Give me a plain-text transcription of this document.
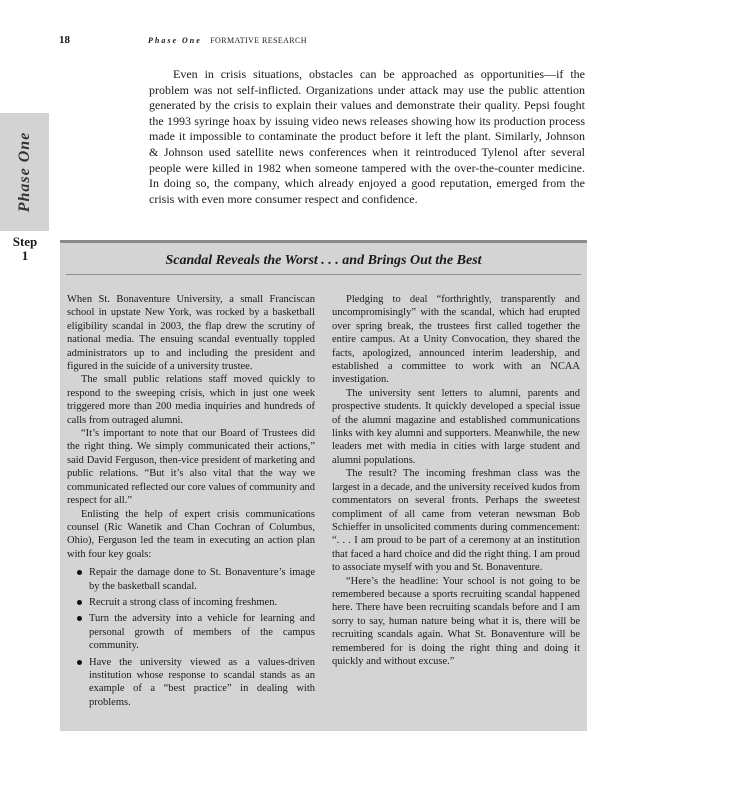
18	Phase One FORMATIVE RESEARCH
Phase One
Step
1

Even in crisis situations, obstacles can be approached as opportunities—if the problem was not self-inflicted. Organizations under attack may use the public attention generated by the crisis to explain their values and demonstrate their quality. Pepsi fought the 1993 syringe hoax by issuing video news releases showing how its production process made it impossible to contaminate the product before it left the plant. Similarly, Johnson & Johnson used satellite news conferences when it reintroduced Tylenol after several people were killed in 1982 when someone tampered with the over-the-counter medicine. In doing so, the company, which already enjoyed a good reputation, emerged from the crisis with even more consumer respect and confidence.

Scandal Reveals the Worst . . . and Brings Out the Best

When St. Bonaventure University, a small Franciscan school in upstate New York, was rocked by a basketball eligibility scandal in 2003, the flap drew the scrutiny of national media. The ensuing scandal eventually toppled administrators up to and including the president and figured in the suicide of a university trustee.

The small public relations staff moved quickly to respond to the sweeping crisis, which in just one week triggered more than 200 media inquiries and hundreds of calls from outraged alumni.

“It’s important to note that our Board of Trustees did the right thing. We simply communicated their actions,” said David Ferguson, then-vice president of marketing and public relations. “But it’s also vital that the way we communicated reflected our core values of community and respect for all.”

Enlisting the help of expert crisis communications counsel (Ric Wanetik and Chan Cochran of Columbus, Ohio), Ferguson led the team in executing an action plan with four key goals:

Repair the damage done to St. Bonaventure’s image by the basketball scandal.
Recruit a strong class of incoming freshmen.
Turn the adversity into a vehicle for learning and personal growth of members of the campus community.
Have the university viewed as a values-driven institution whose response to scandal stands as an example of a “best practice” in dealing with problems.

Pledging to deal “forthrightly, transparently and uncompromisingly” with the scandal, which had erupted over spring break, the trustees first called together the entire campus. At a Unity Convocation, they shared the facts, apologized, announced interim leadership, and established a committee to work with an NCAA investigation.

The university sent letters to alumni, parents and prospective students. It quickly developed a special issue of the alumni magazine and established communications links with key alumni and supporters. Meanwhile, the new leaders met with media in cities with large student and alumni populations.

The result? The incoming freshman class was the largest in a decade, and the university received kudos from commentators on several fronts. Perhaps the sweetest compliment of all came from veteran newsman Bob Schieffer in unsolicited comments during commencement: “. . . I am proud to be part of a ceremony at an institution that faced a hard choice and did the right thing. I am proud to associate myself with you and St. Bonaventure.

“Here’s the headline: Your school is not going to be remembered because a sports recruiting scandal happened here. There have been recruiting scandals before and I am sorry to say, human nature being what it is, there will be recruiting scandals again. What St. Bonaventure will be remembered for is doing the right thing and doing it quickly and without excuse.”
